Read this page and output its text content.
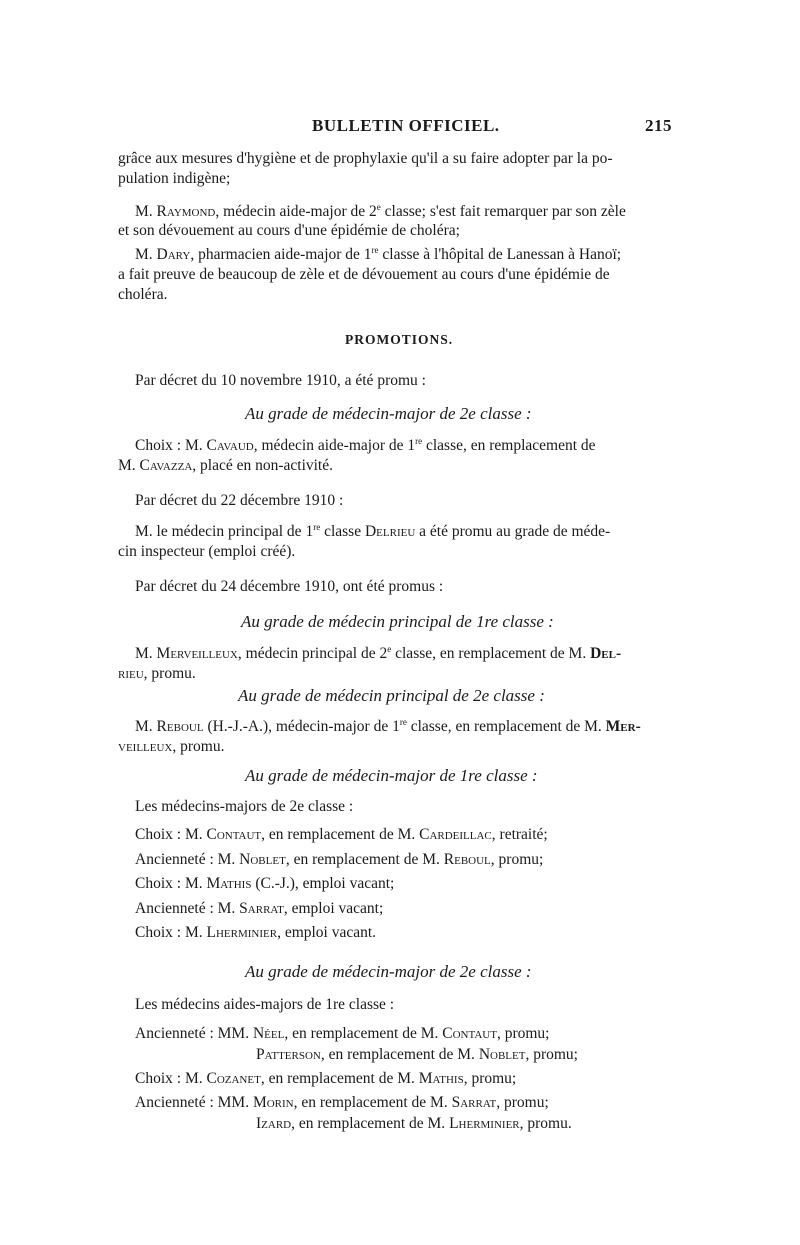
BULLETIN OFFICIEL.	215
grâce aux mesures d'hygiène et de prophylaxie qu'il a su faire adopter par la po-
pulation indigène;
M. Raymond, médecin aide-major de 2e classe; s'est fait remarquer par son zèle
et son dévouement au cours d'une épidémie de choléra;
M. Dary, pharmacien aide-major de 1re classe à l'hôpital de Lanessan à Hanoï;
a fait preuve de beaucoup de zèle et de dévouement au cours d'une épidémie de
choléra.
PROMOTIONS.
Par décret du 10 novembre 1910, a été promu :
Au grade de médecin-major de 2e classe :
Choix : M. Cavaud, médecin aide-major de 1re classe, en remplacement de
M. Cavazza, placé en non-activité.
Par décret du 22 décembre 1910 :
M. le médecin principal de 1re classe Delrieu a été promu au grade de méde-
cin inspecteur (emploi créé).
Par décret du 24 décembre 1910, ont été promus :
Au grade de médecin principal de 1re classe :
M. Merveilleux, médecin principal de 2e classe, en remplacement de M. Del-
rieu, promu.
Au grade de médecin principal de 2e classe :
M. Reboul (H.-J.-A.), médecin-major de 1re classe, en remplacement de M. Mer-
veilleux, promu.
Au grade de médecin-major de 1re classe :
Les médecins-majors de 2e classe :
Choix : M. Contaut, en remplacement de M. Cardeillac, retraité;
Ancienneté : M. Noblet, en remplacement de M. Reboul, promu;
Choix : M. Mathis (C.-J.), emploi vacant;
Ancienneté : M. Sarrat, emploi vacant;
Choix : M. Lherminier, emploi vacant.
Au grade de médecin-major de 2e classe :
Les médecins aides-majors de 1re classe :
Ancienneté : MM. Néel, en remplacement de M. Contaut, promu;
Patterson, en remplacement de M. Noblet, promu;
Choix : M. Cozanet, en remplacement de M. Mathis, promu;
Ancienneté : MM. Morin, en remplacement de M. Sarrat, promu;
Izard, en remplacement de M. Lherminier, promu.
